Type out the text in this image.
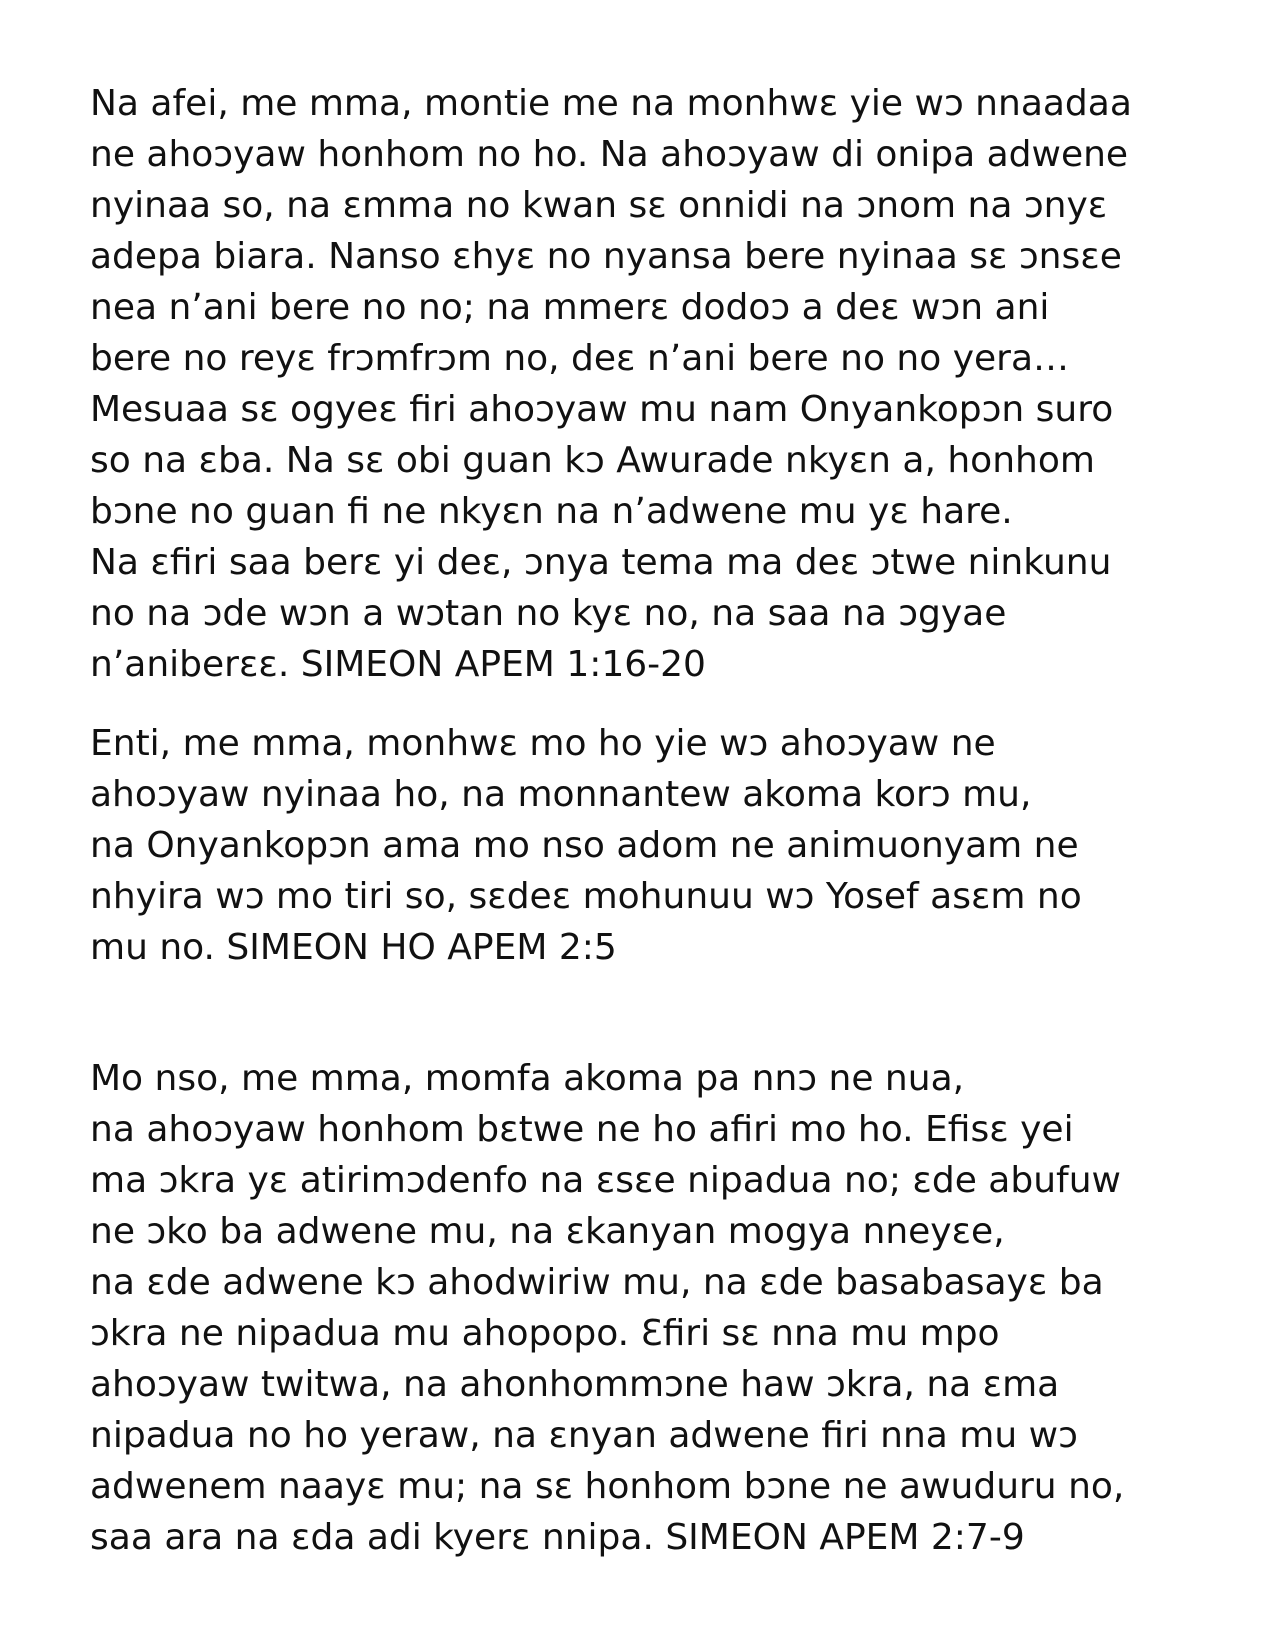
Na afei, me mma, montie me na monhwɛ yie wɔ nnaadaa
ne ahoɔyaw honhom no ho. Na ahoɔyaw di onipa adwene
nyinaa so, na ɛmma no kwan sɛ onnidi na ɔnom na ɔnyɛ
adepa biara. Nanso ɛhyɛ no nyansa bere nyinaa sɛ ɔnsɛe
nea n’ani bere no no; na mmerɛ dodoɔ a deɛ wɔn ani
bere no reyɛ frɔmfrɔm no, deɛ n’ani bere no no yera…
Mesuaa sɛ ogyeɛ firi ahoɔyaw mu nam Onyankopɔn suro
so na ɛba. Na sɛ obi guan kɔ Awurade nkyɛn a, honhom
bɔne no guan fi ne nkyɛn na n’adwene mu yɛ hare.
Na ɛfiri saa berɛ yi deɛ, ɔnya tema ma deɛ ɔtwe ninkunu
no na ɔde wɔn a wɔtan no kyɛ no, na saa na ɔgyae
n’aniberɛɛ. SIMEON APEM 1:16-20

Enti, me mma, monhwɛ mo ho yie wɔ ahoɔyaw ne
ahoɔyaw nyinaa ho, na monnantew akoma korɔ mu,
na Onyankopɔn ama mo nso adom ne animuonyam ne
nhyira wɔ mo tiri so, sɛdeɛ mohunuu wɔ Yosef asɛm no
mu no. SIMEON HO APEM 2:5

Mo nso, me mma, momfa akoma pa nnɔ ne nua,
na ahoɔyaw honhom bɛtwe ne ho afiri mo ho. Efisɛ yei
ma ɔkra yɛ atirimɔdenfo na ɛsɛe nipadua no; ɛde abufuw
ne ɔko ba adwene mu, na ɛkanyan mogya nneyɛe,
na ɛde adwene kɔ ahodwiriw mu, na ɛde basabasayɛ ba
ɔkra ne nipadua mu ahopopo. Ɛfiri sɛ nna mu mpo
ahoɔyaw twitwa, na ahonhommɔne haw ɔkra, na ɛma
nipadua no ho yeraw, na ɛnyan adwene firi nna mu wɔ
adwenem naayɛ mu; na sɛ honhom bɔne ne awuduru no,
saa ara na ɛda adi kyerɛ nnipa. SIMEON APEM 2:7-9
